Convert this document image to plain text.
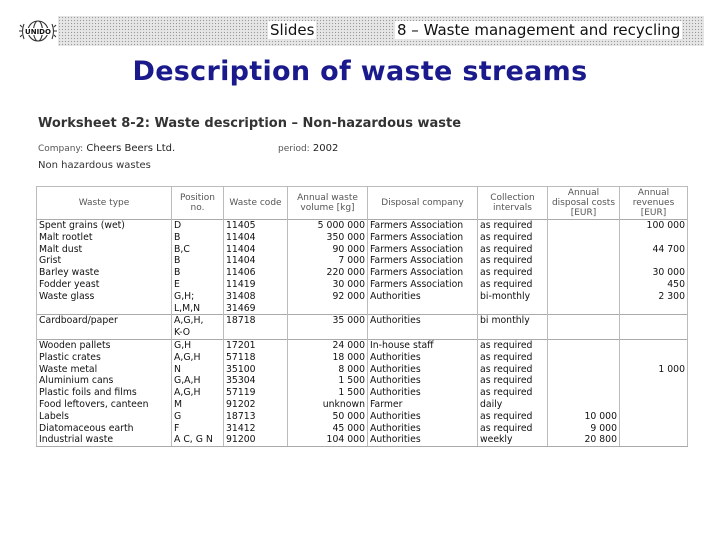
UNIDO	Slides	8 – Waste management and recycling
Description of waste streams
Worksheet 8-2: Waste description – Non-hazardous waste
Company: Cheers Beers Ltd.	period: 2002
Non hazardous wastes
Waste type	Position no.	Waste code	Annual waste volume [kg]	Disposal company	Collection intervals	Annual disposal costs [EUR]	Annual revenues [EUR]
Spent grains (wet)	D	11405	5 000 000	Farmers Association	as required		100 000
Malt rootlet	B	11404	350 000	Farmers Association	as required		
Malt dust	B,C	11404	90 000	Farmers Association	as required		44 700
Grist	B	11404	7 000	Farmers Association	as required		
Barley waste	B	11406	220 000	Farmers Association	as required		30 000
Fodder yeast	E	11419	30 000	Farmers Association	as required		450
Waste glass	G,H;	31408	92 000	Authorities	bi-monthly		2 300
	L,M,N	31469					
Cardboard/paper	A,G,H,	18718	35 000	Authorities	bi monthly		
	K-O						
Wooden pallets	G,H	17201	24 000	In-house staff	as required		
Plastic crates	A,G,H	57118	18 000	Authorities	as required		
Waste metal	N	35100	8 000	Authorities	as required		1 000
Aluminium cans	G,A,H	35304	1 500	Authorities	as required		
Plastic foils and films	A,G,H	57119	1 500	Authorities	as required		
Food leftovers, canteen	M	91202	unknown	Farmer	daily		
Labels	G	18713	50 000	Authorities	as required	10 000	
Diatomaceous earth	F	31412	45 000	Authorities	as required	9 000	
Industrial waste	A C, G N	91200	104 000	Authorities	weekly	20 800	
